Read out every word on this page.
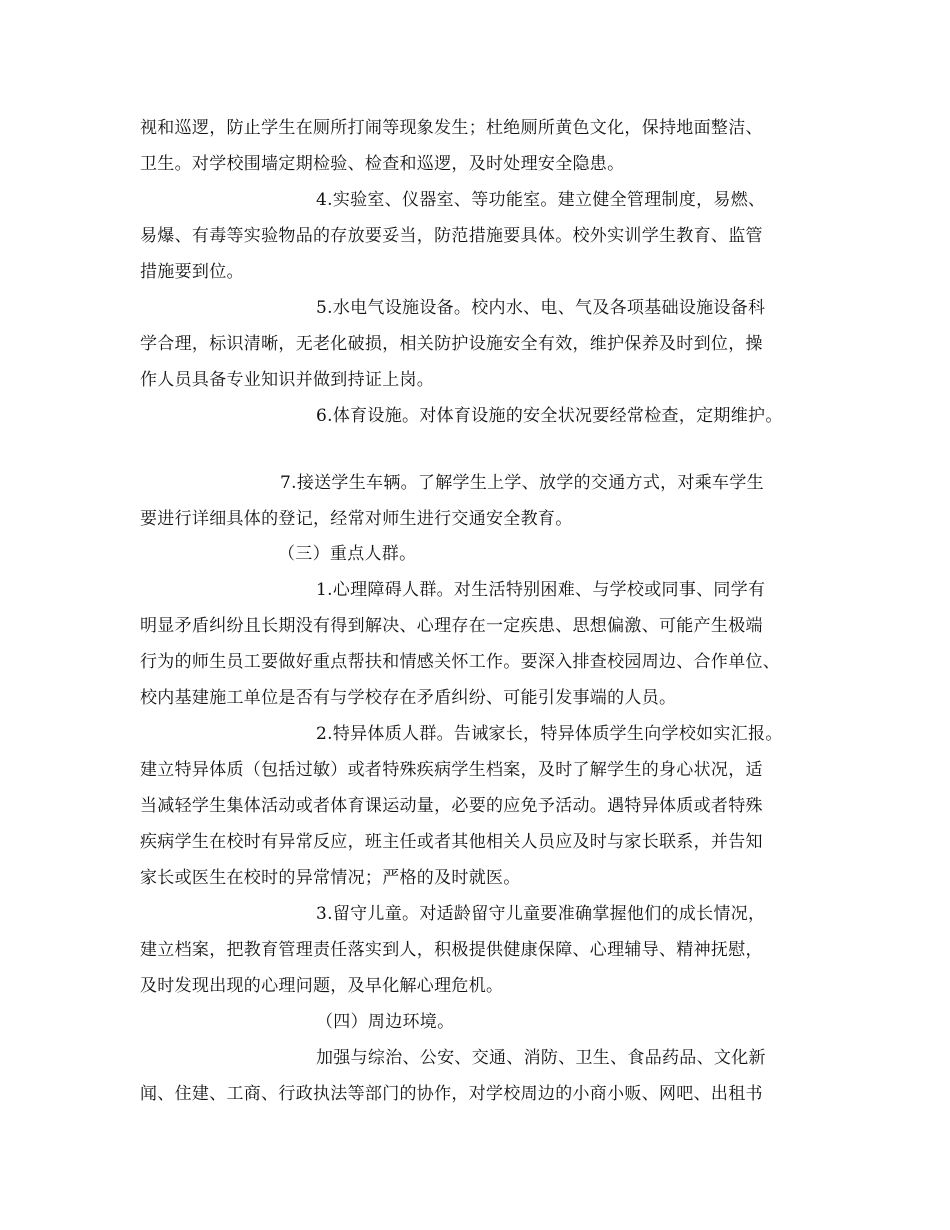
视和巡逻，防止学生在厕所打闹等现象发生；杜绝厕所黄色文化，保持地面整洁、
卫生。对学校围墙定期检验、检查和巡逻，及时处理安全隐患。
4.实验室、仪器室、等功能室。建立健全管理制度，易燃、
易爆、有毒等实验物品的存放要妥当，防范措施要具体。校外实训学生教育、监管
措施要到位。
5.水电气设施设备。校内水、电、气及各项基础设施设备科
学合理，标识清晰，无老化破损，相关防护设施安全有效，维护保养及时到位，操
作人员具备专业知识并做到持证上岗。
6.体育设施。对体育设施的安全状况要经常检查，定期维护。
7.接送学生车辆。了解学生上学、放学的交通方式，对乘车学生
要进行详细具体的登记，经常对师生进行交通安全教育。
（三）重点人群。
1.心理障碍人群。对生活特别困难、与学校或同事、同学有
明显矛盾纠纷且长期没有得到解决、心理存在一定疾患、思想偏激、可能产生极端
行为的师生员工要做好重点帮扶和情感关怀工作。要深入排查校园周边、合作单位、
校内基建施工单位是否有与学校存在矛盾纠纷、可能引发事端的人员。
2.特异体质人群。告诫家长，特异体质学生向学校如实汇报。
建立特异体质（包括过敏）或者特殊疾病学生档案，及时了解学生的身心状况，适
当减轻学生集体活动或者体育课运动量，必要的应免予活动。遇特异体质或者特殊
疾病学生在校时有异常反应，班主任或者其他相关人员应及时与家长联系，并告知
家长或医生在校时的异常情况；严格的及时就医。
3.留守儿童。对适龄留守儿童要准确掌握他们的成长情况，
建立档案，把教育管理责任落实到人，积极提供健康保障、心理辅导、精神抚慰，
及时发现出现的心理问题，及早化解心理危机。
（四）周边环境。
加强与综治、公安、交通、消防、卫生、食品药品、文化新
闻、住建、工商、行政执法等部门的协作，对学校周边的小商小贩、网吧、出租书
